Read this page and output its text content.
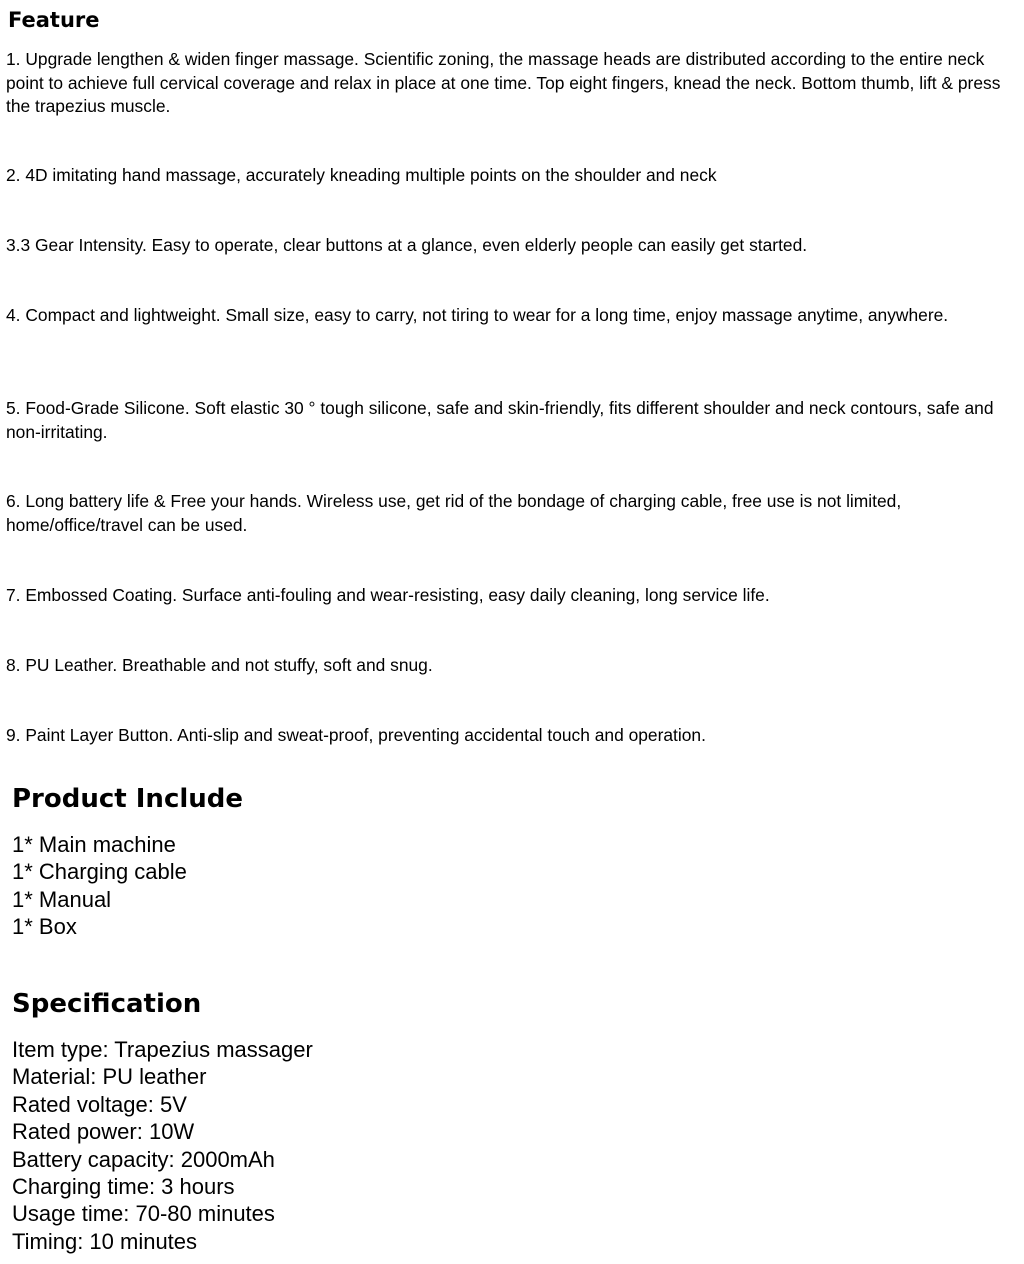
Feature

1. Upgrade lengthen & widen finger massage. Scientific zoning, the massage heads are distributed according to the entire neck point to achieve full cervical coverage and relax in place at one time. Top eight fingers, knead the neck. Bottom thumb, lift & press the trapezius muscle.

2. 4D imitating hand massage, accurately kneading multiple points on the shoulder and neck

3.3 Gear Intensity. Easy to operate, clear buttons at a glance, even elderly people can easily get started.

4. Compact and lightweight. Small size, easy to carry, not tiring to wear for a long time, enjoy massage anytime, anywhere.

5. Food-Grade Silicone. Soft elastic 30 ° tough silicone, safe and skin-friendly, fits different shoulder and neck contours, safe and non-irritating.

6. Long battery life & Free your hands. Wireless use, get rid of the bondage of charging cable, free use is not limited, home/office/travel can be used.

7. Embossed Coating. Surface anti-fouling and wear-resisting, easy daily cleaning, long service life.

8. PU Leather. Breathable and not stuffy, soft and snug.

9. Paint Layer Button. Anti-slip and sweat-proof, preventing accidental touch and operation.

Product Include
1* Main machine
1* Charging cable
1* Manual
1* Box
Specification
Item type: Trapezius massager
Material: PU leather
Rated voltage: 5V
Rated power: 10W
Battery capacity: 2000mAh
Charging time: 3 hours
Usage time: 70-80 minutes
Timing: 10 minutes
